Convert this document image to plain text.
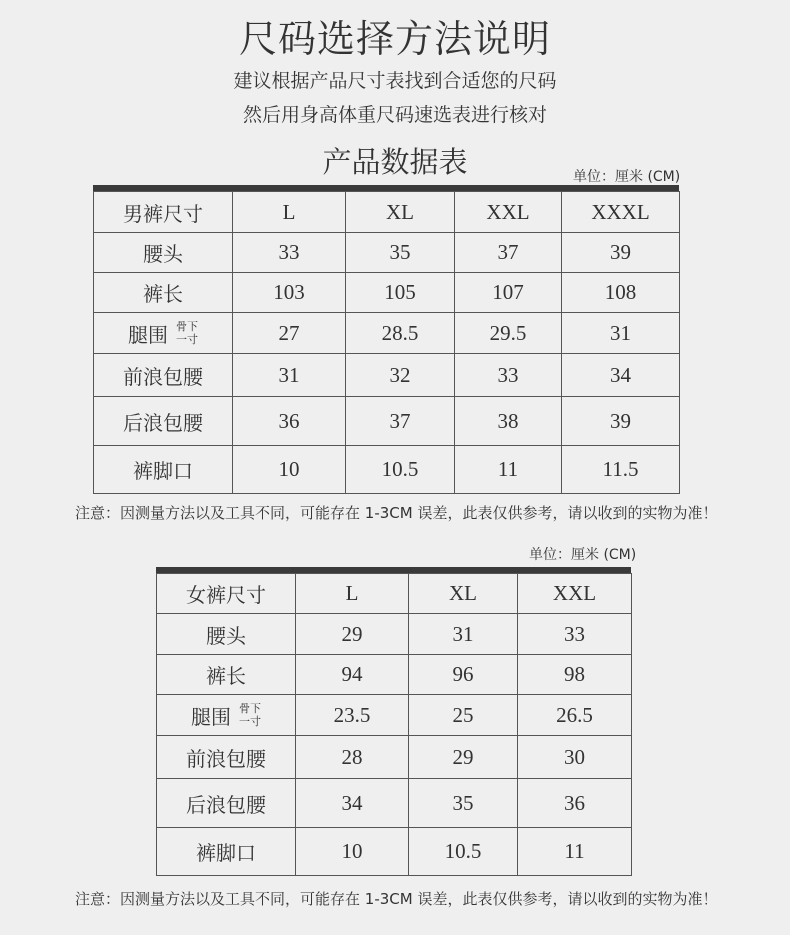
尺码选择方法说明
建议根据产品尺寸表找到合适您的尺码
然后用身高体重尺码速选表进行核对
产品数据表	单位：厘米 (CM)
男裤尺寸	L	XL	XXL	XXXL
腰头	33	35	37	39
裤长	103	105	107	108

腿围 骨下
一寸	27	28.5	29.5	31
前浪包腰	31	32	33	34
后浪包腰	36	37	38	39
裤脚口	10	10.5	11	11.5
注意：因测量方法以及工具不同，可能存在 1-3CM 误差，此表仅供参考，请以收到的实物为准！
单位：厘米 (CM)
女裤尺寸	L	XL	XXL
腰头	29	31	33
裤长	94	96	98

腿围 骨下
一寸	23.5	25	26.5
前浪包腰	28	29	30
后浪包腰	34	35	36
裤脚口	10	10.5	11
注意：因测量方法以及工具不同，可能存在 1-3CM 误差，此表仅供参考，请以收到的实物为准！
